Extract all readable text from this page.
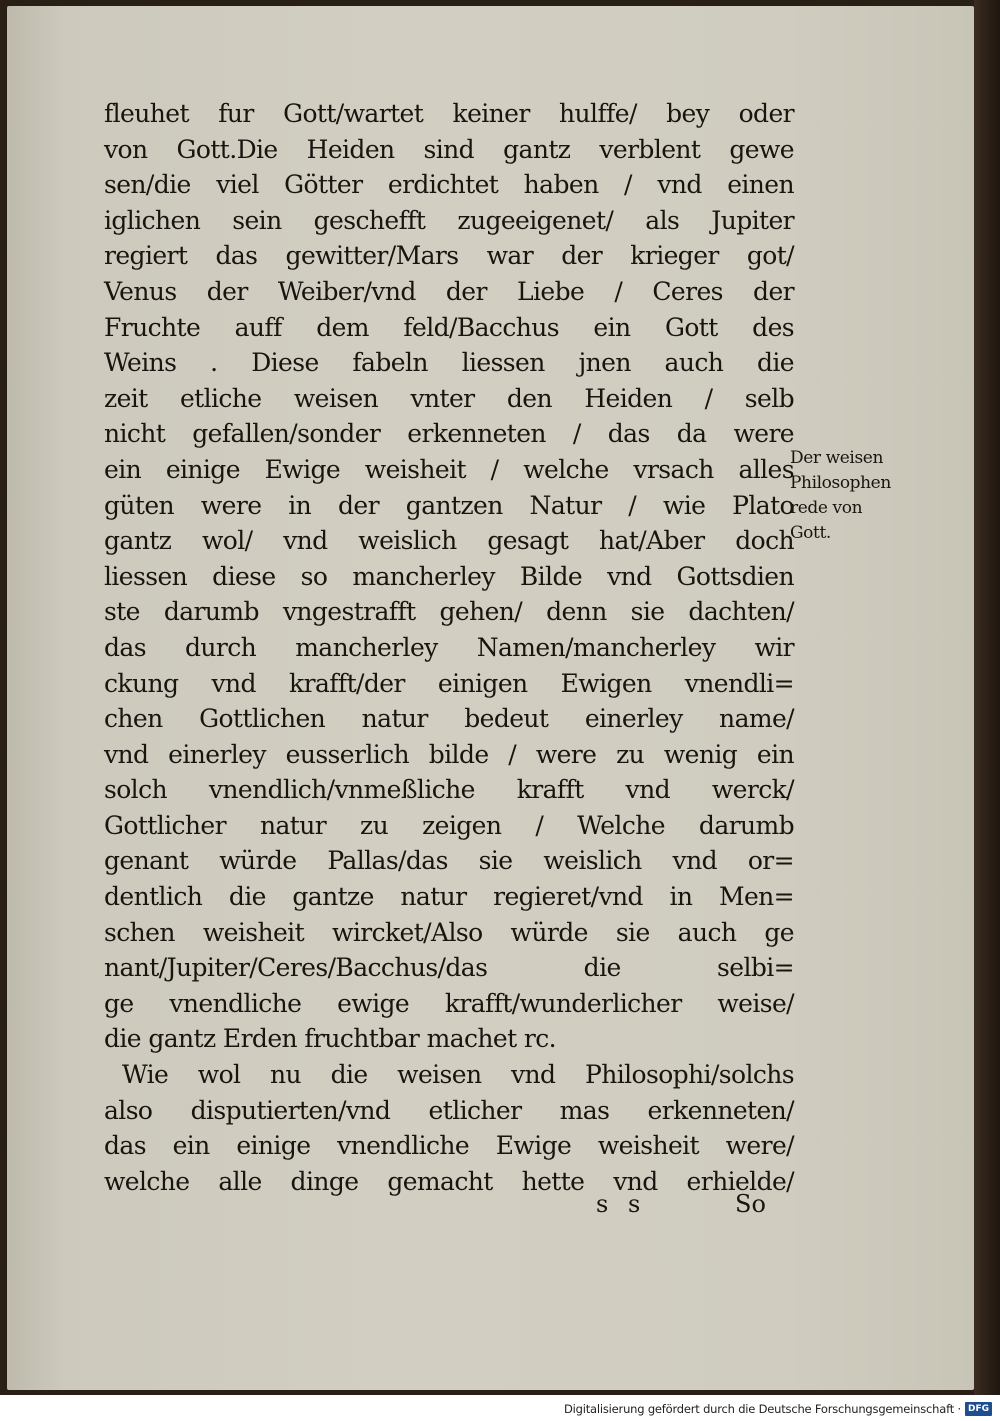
fleuhet fur Gott/wartet keiner hulffe/ bey oder
von Gott.Die Heiden sind gantz verblent gewe
sen/die viel Götter erdichtet haben / vnd einen
iglichen sein geschefft zugeeigenet/ als Jupiter
regiert das gewitter/Mars war der krieger got/
Venus der Weiber/vnd der Liebe / Ceres der
Fruchte auff dem feld/Bacchus ein Gott des
Weins . Diese fabeln liessen jnen auch die
zeit etliche weisen vnter den Heiden / selb
nicht gefallen/sonder erkenneten / das da were
ein einige Ewige weisheit / welche vrsach alles
güten were in der gantzen Natur / wie Plato
gantz wol/ vnd weislich gesagt hat/Aber doch
liessen diese so mancherley Bilde vnd Gottsdien
ste darumb vngestrafft gehen/ denn sie dachten/
das durch mancherley Namen/mancherley wir
ckung vnd krafft/der einigen Ewigen vnendli=
chen Gottlichen natur bedeut einerley name/
vnd einerley eusserlich bilde / were zu wenig ein
solch vnendlich/vnmeßliche krafft vnd werck/
Gottlicher natur zu zeigen / Welche darumb
genant würde Pallas/das sie weislich vnd or=
dentlich die gantze natur regieret/vnd in Men=
schen weisheit wircket/Also würde sie auch ge
nant/Jupiter/Ceres/Bacchus/das die selbi=
ge vnendliche ewige krafft/wunderlicher weise/
die gantz Erden fruchtbar machet rc.
Wie wol nu die weisen vnd Philosophi/solchs
also disputierten/vnd etlicher mas erkenneten/
das ein einige vnendliche Ewige weisheit were/
welche alle dinge gemacht hette vnd erhielde/
Der weisen
Philosophen
rede von
Gott.
s s	So
Digitalisierung gefördert durch die Deutsche Forschungsgemeinschaft · DFG
